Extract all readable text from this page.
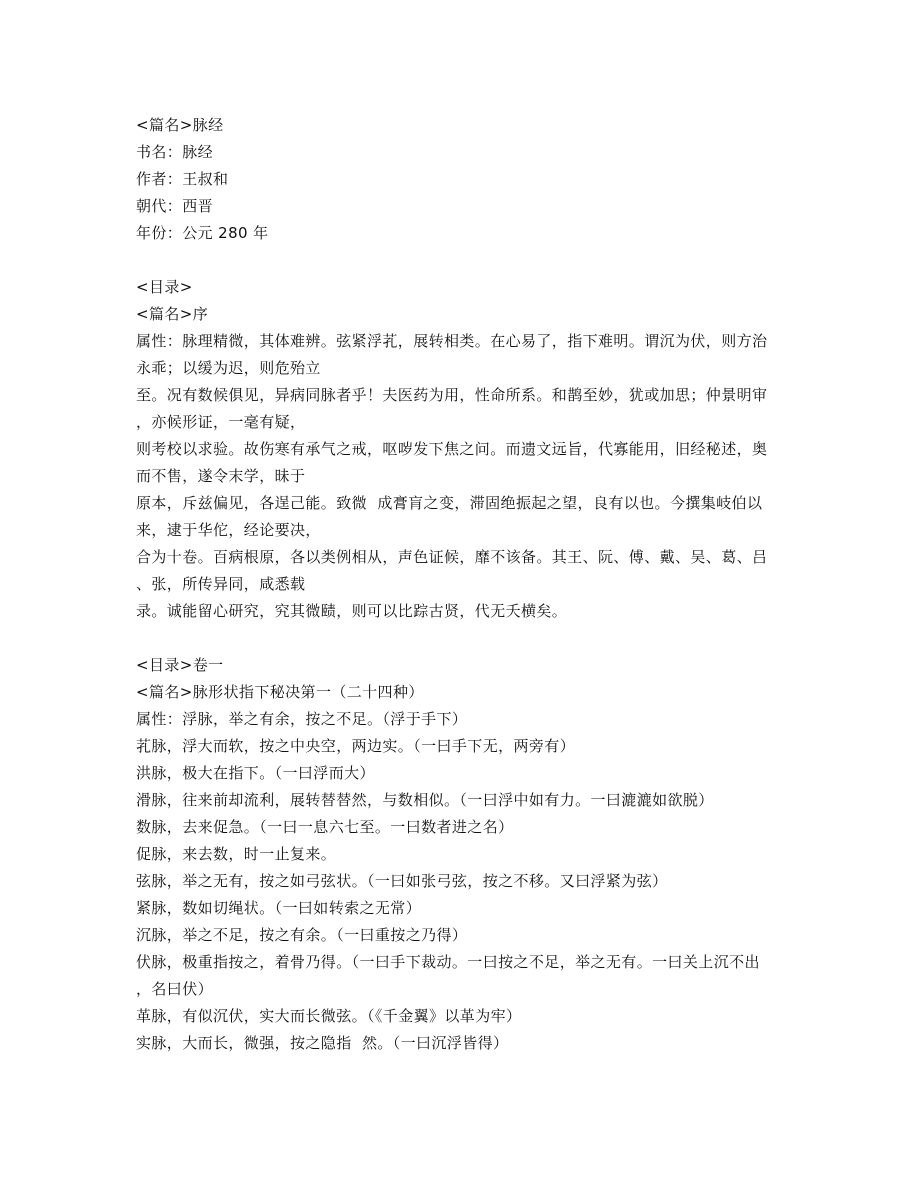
<篇名>脉经
书名：脉经
作者：王叔和
朝代：西晋
年份：公元 280 年
<目录>
<篇名>序
属性：脉理精微，其体难辨。弦紧浮芤，展转相类。在心易了，指下难明。谓沉为伏，则方治
永乖；以缓为迟，则危殆立
至。况有数候俱见，异病同脉者乎！夫医药为用，性命所系。和鹊至妙，犹或加思；仲景明审
，亦候形证，一毫有疑，
则考校以求验。故伤寒有承气之戒，呕哕发下焦之问。而遗文远旨，代寡能用，旧经秘述，奥
而不售，遂令末学，昧于
原本，斥兹偏见，各逞己能。致微  成膏肓之变，滞固绝振起之望，良有以也。今撰集岐伯以
来，逮于华佗，经论要决，
合为十卷。百病根原，各以类例相从，声色证候，靡不该备。其王、阮、傅、戴、吴、葛、吕
、张，所传异同，咸悉载
录。诚能留心研究，究其微赜，则可以比踪古贤，代无夭横矣。
<目录>卷一
<篇名>脉形状指下秘决第一（二十四种）
属性：浮脉，举之有余，按之不足。（浮于手下）
芤脉，浮大而软，按之中央空，两边实。（一曰手下无，两旁有）
洪脉，极大在指下。（一曰浮而大）
滑脉，往来前却流利，展转替替然，与数相似。（一曰浮中如有力。一曰漉漉如欲脱）
数脉，去来促急。（一曰一息六七至。一曰数者进之名）
促脉，来去数，时一止复来。
弦脉，举之无有，按之如弓弦状。（一曰如张弓弦，按之不移。又曰浮紧为弦）
紧脉，数如切绳状。（一曰如转索之无常）
沉脉，举之不足，按之有余。（一曰重按之乃得）
伏脉，极重指按之，着骨乃得。（一曰手下裁动。一曰按之不足，举之无有。一曰关上沉不出
，名曰伏）
革脉，有似沉伏，实大而长微弦。（《千金翼》以革为牢）
实脉，大而长，微强，按之隐指  然。（一曰沉浮皆得）
